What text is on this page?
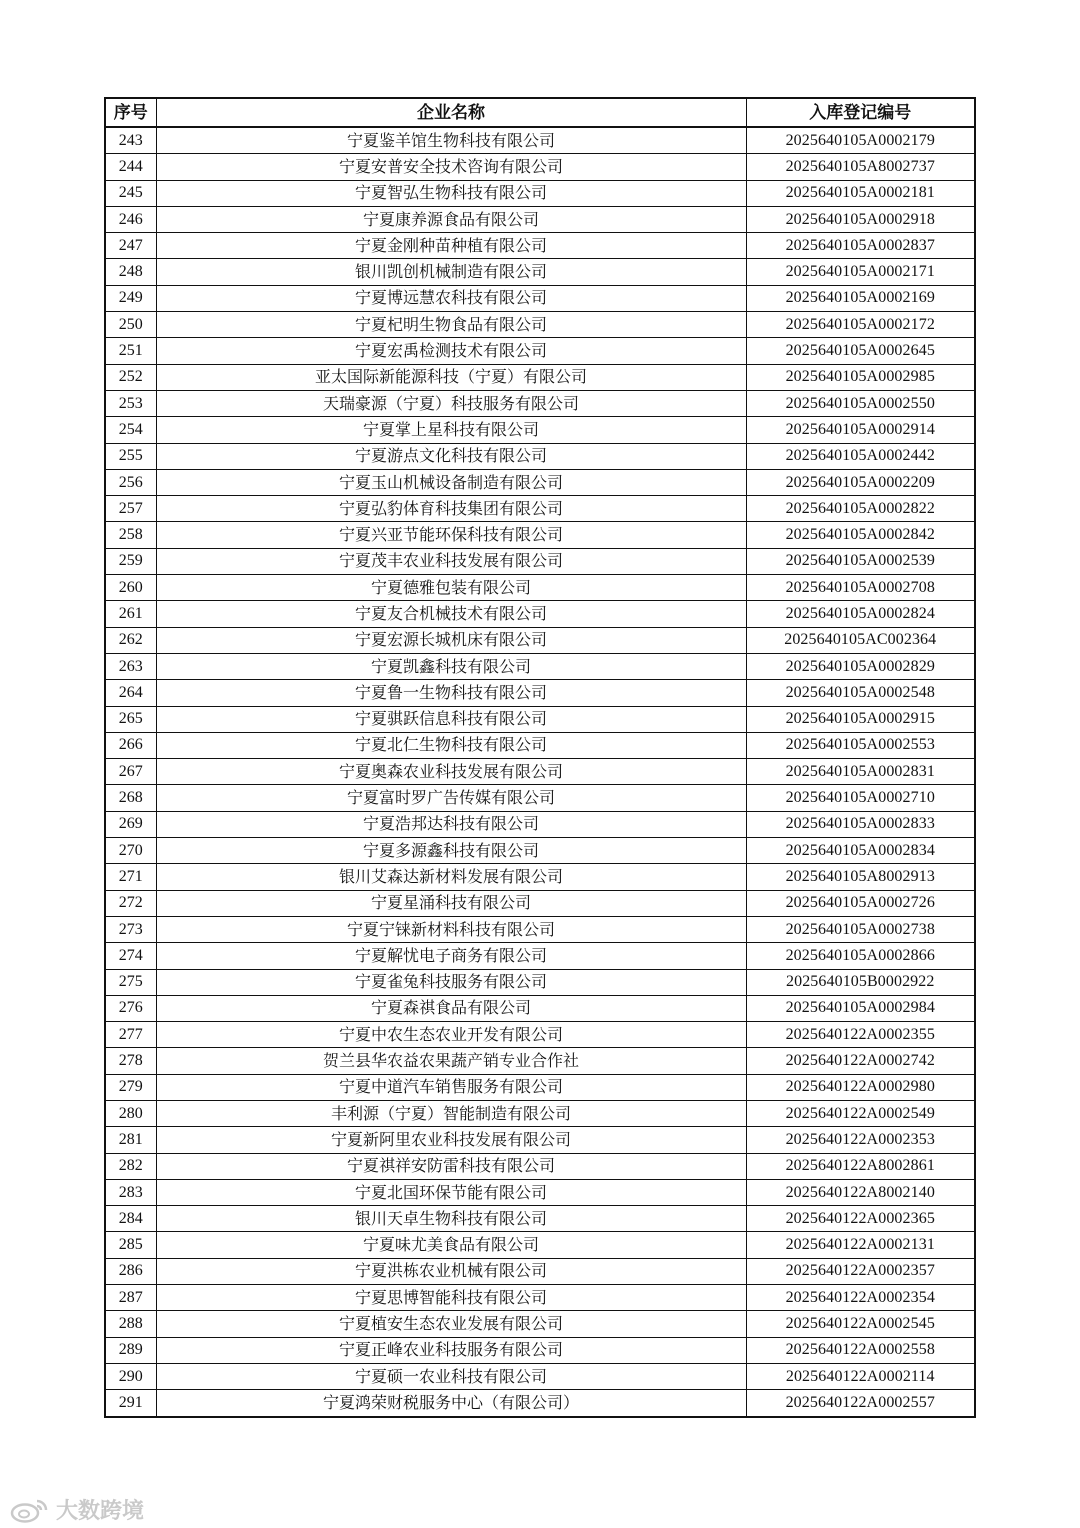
序号	企业名称	入库登记编号
243	宁夏鉴羊馆生物科技有限公司	2025640105A0002179
244	宁夏安普安全技术咨询有限公司	2025640105A8002737
245	宁夏智弘生物科技有限公司	2025640105A0002181
246	宁夏康养源食品有限公司	2025640105A0002918
247	宁夏金刚种苗种植有限公司	2025640105A0002837
248	银川凯创机械制造有限公司	2025640105A0002171
249	宁夏博远慧农科技有限公司	2025640105A0002169
250	宁夏杞明生物食品有限公司	2025640105A0002172
251	宁夏宏禹检测技术有限公司	2025640105A0002645
252	亚太国际新能源科技（宁夏）有限公司	2025640105A0002985
253	天瑞豪源（宁夏）科技服务有限公司	2025640105A0002550
254	宁夏掌上星科技有限公司	2025640105A0002914
255	宁夏游点文化科技有限公司	2025640105A0002442
256	宁夏玉山机械设备制造有限公司	2025640105A0002209
257	宁夏弘豹体育科技集团有限公司	2025640105A0002822
258	宁夏兴亚节能环保科技有限公司	2025640105A0002842
259	宁夏茂丰农业科技发展有限公司	2025640105A0002539
260	宁夏德雅包装有限公司	2025640105A0002708
261	宁夏友合机械技术有限公司	2025640105A0002824
262	宁夏宏源长城机床有限公司	2025640105AC002364
263	宁夏凯鑫科技有限公司	2025640105A0002829
264	宁夏鲁一生物科技有限公司	2025640105A0002548
265	宁夏骐跃信息科技有限公司	2025640105A0002915
266	宁夏北仁生物科技有限公司	2025640105A0002553
267	宁夏奥森农业科技发展有限公司	2025640105A0002831
268	宁夏富时罗广告传媒有限公司	2025640105A0002710
269	宁夏浩邦达科技有限公司	2025640105A0002833
270	宁夏多源鑫科技有限公司	2025640105A0002834
271	银川艾森达新材料发展有限公司	2025640105A8002913
272	宁夏星涌科技有限公司	2025640105A0002726
273	宁夏宁铼新材料科技有限公司	2025640105A0002738
274	宁夏解忧电子商务有限公司	2025640105A0002866
275	宁夏雀兔科技服务有限公司	2025640105B0002922
276	宁夏森祺食品有限公司	2025640105A0002984
277	宁夏中农生态农业开发有限公司	2025640122A0002355
278	贺兰县华农益农果蔬产销专业合作社	2025640122A0002742
279	宁夏中道汽车销售服务有限公司	2025640122A0002980
280	丰利源（宁夏）智能制造有限公司	2025640122A0002549
281	宁夏新阿里农业科技发展有限公司	2025640122A0002353
282	宁夏祺祥安防雷科技有限公司	2025640122A8002861
283	宁夏北国环保节能有限公司	2025640122A8002140
284	银川天卓生物科技有限公司	2025640122A0002365
285	宁夏味尤美食品有限公司	2025640122A0002131
286	宁夏洪栋农业机械有限公司	2025640122A0002357
287	宁夏思博智能科技有限公司	2025640122A0002354
288	宁夏植安生态农业发展有限公司	2025640122A0002545
289	宁夏正峰农业科技服务有限公司	2025640122A0002558
290	宁夏硕一农业科技有限公司	2025640122A0002114
291	宁夏鸿荣财税服务中心（有限公司）	2025640122A0002557
大数跨境
